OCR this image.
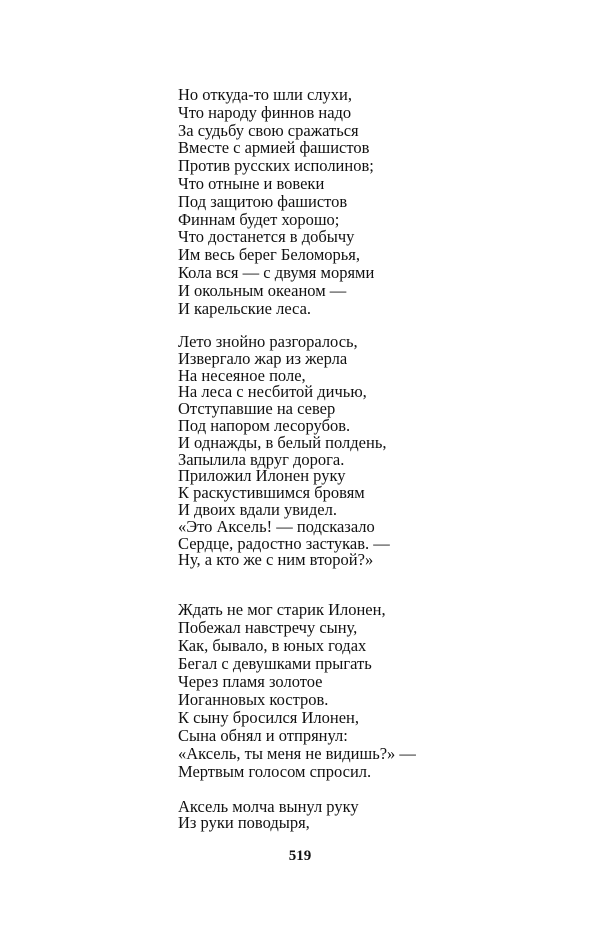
Но откуда-то шли слухи,
Что народу финнов надо
За судьбу свою сражаться
Вместе с армией фашистов
Против русских исполинов;
Что отныне и вовеки
Под защитою фашистов
Финнам будет хорошо;
Что достанется в добычу
Им весь берег Беломорья,
Кола вся — с двумя морями
И окольным океаном —
И карельские леса.
Лето знойно разгоралось,
Извергало жар из жерла
На несеяное поле,
На леса с несбитой дичью,
Отступавшие на север
Под напором лесорубов.
И однажды, в белый полдень,
Запылила вдруг дорога.
Приложил Илонен руку
К раскустившимся бровям
И двоих вдали увидел.
«Это Аксель! — подсказало
Сердце, радостно застукав. —
Ну, а кто же с ним второй?»
Ждать не мог старик Илонен,
Побежал навстречу сыну,
Как, бывало, в юных годах
Бегал с девушками прыгать
Через пламя золотое
Иоганновых костров.
К сыну бросился Илонен,
Сына обнял и отпрянул:
«Аксель, ты меня не видишь?» —
Мертвым голосом спросил.
Аксель молча вынул руку
Из руки поводыря,
519
